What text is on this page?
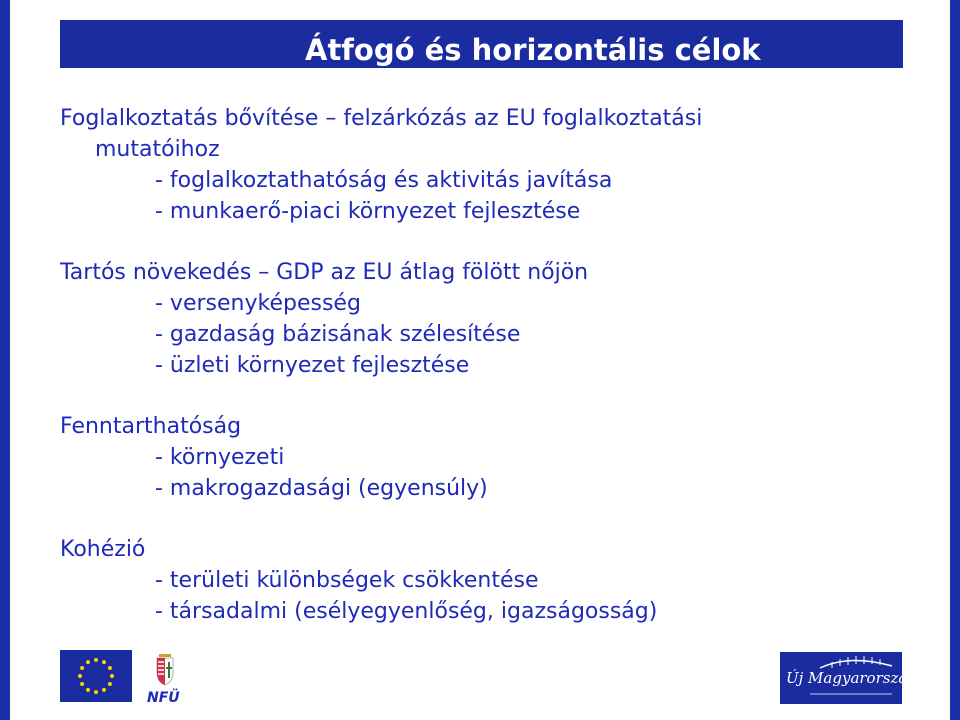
Átfogó és horizontális célok
Foglalkoztatás bővítése – felzárkózás az EU foglalkoztatási
mutatóihoz
- foglalkoztathatóság és aktivitás javítása
- munkaerő-piaci környezet fejlesztése
Tartós növekedés – GDP az EU átlag fölött nőjön
- versenyképesség
- gazdaság bázisának szélesítése
- üzleti környezet fejlesztése
Fenntarthatóság
- környezeti
- makrogazdasági (egyensúly)
Kohézió
- területi különbségek csökkentése
- társadalmi (esélyegyenlőség, igazságosság)
NFÜ
Új Magyarország
